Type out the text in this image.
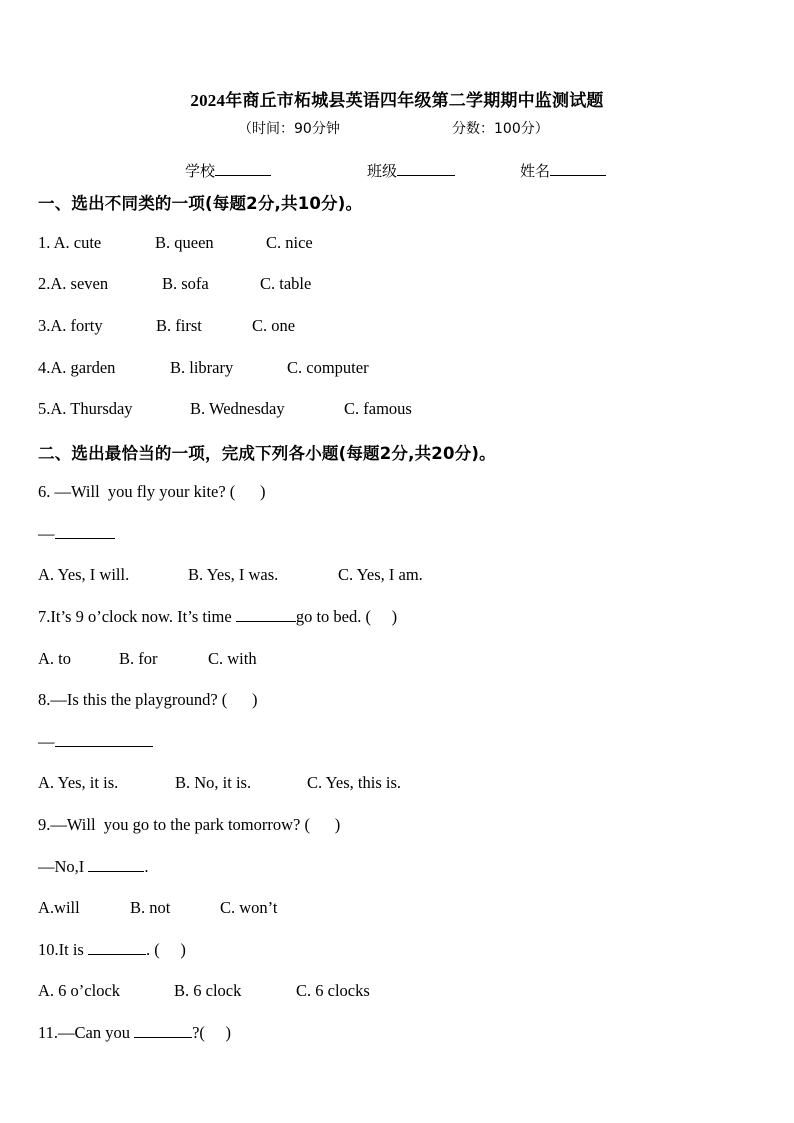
2024年商丘市柘城县英语四年级第二学期期中监测试题
（时间：90分钟	分数：100分）
学校	班级	姓名
一、选出不同类的一项(每题2分,共10分)。
1. A. cute	B. queen	C. nice
2.A. seven	B. sofa	C. table
3.A. forty	B. first	C. one
4.A. garden	B. library	C. computer
5.A. Thursday	B. Wednesday	C. famous
二、选出最恰当的一项，完成下列各小题(每题2分,共20分)。
6. —Will  you fly your kite? (      )
—
A. Yes, I will.	B. Yes, I was.	C. Yes, I am.
7.It’s 9 o’clock now. It’s time	go to bed. (     )
A. to	B. for	C. with
8.—Is this the playground? (      )
—
A. Yes, it is.	B. No, it is.	C. Yes, this is.
9.—Will  you go to the park tomorrow? (      )
—No,I	.
A.will	B. not	C. won’t
10.It is	. (     )
A. 6 o’clock	B. 6 clock	C. 6 clocks
11.—Can you	?(     )
